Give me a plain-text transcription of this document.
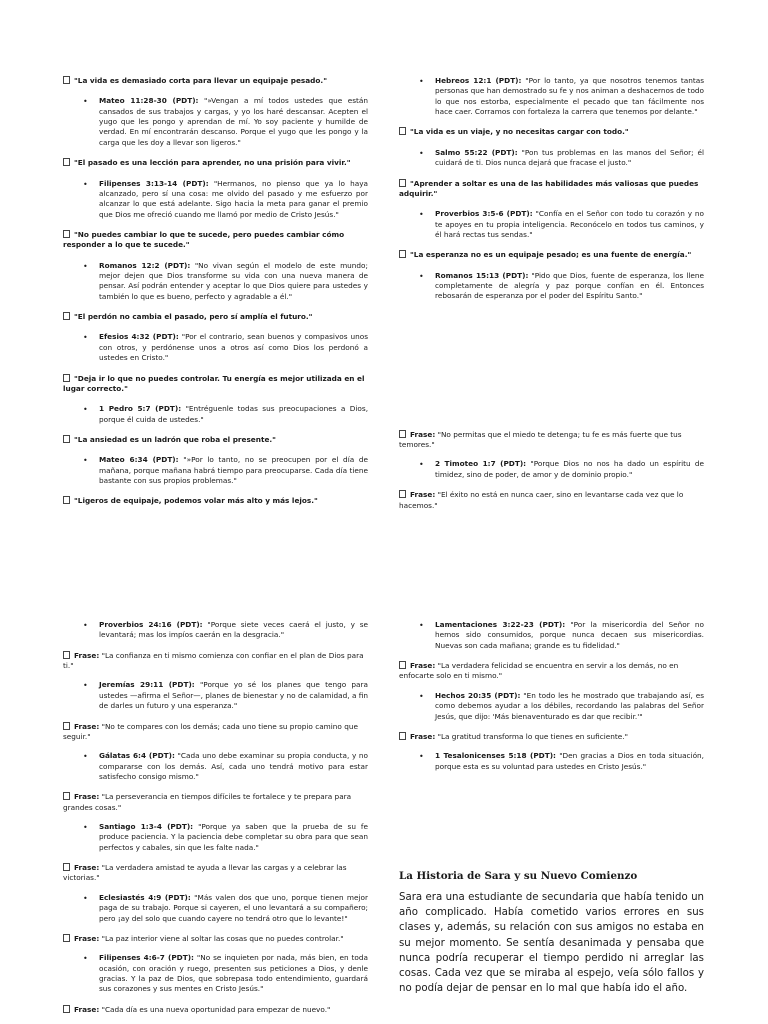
"La vida es demasiado corta para llevar un equipaje pesado."
• Mateo 11:28-30 (PDT): "»Vengan a mí todos ustedes que están cansados de sus trabajos y cargas, y yo los haré descansar. Acepten el yugo que les pongo y aprendan de mí. Yo soy paciente y humilde de verdad. En mí encontrarán descanso. Porque el yugo que les pongo y la carga que les doy a llevar son ligeros."
"El pasado es una lección para aprender, no una prisión para vivir."
• Filipenses 3:13-14 (PDT): "Hermanos, no pienso que ya lo haya alcanzado, pero sí una cosa: me olvido del pasado y me esfuerzo por alcanzar lo que está adelante. Sigo hacia la meta para ganar el premio que Dios me ofreció cuando me llamó por medio de Cristo Jesús."
"No puedes cambiar lo que te sucede, pero puedes cambiar cómo responder a lo que te sucede."
• Romanos 12:2 (PDT): "No vivan según el modelo de este mundo; mejor dejen que Dios transforme su vida con una nueva manera de pensar. Así podrán entender y aceptar lo que Dios quiere para ustedes y también lo que es bueno, perfecto y agradable a él."
"El perdón no cambia el pasado, pero sí amplía el futuro."
• Efesios 4:32 (PDT): "Por el contrario, sean buenos y compasivos unos con otros, y perdónense unos a otros así como Dios los perdonó a ustedes en Cristo."
"Deja ir lo que no puedes controlar. Tu energía es mejor utilizada en el lugar correcto."
• 1 Pedro 5:7 (PDT): "Entréguenle todas sus preocupaciones a Dios, porque él cuida de ustedes."
"La ansiedad es un ladrón que roba el presente."
• Mateo 6:34 (PDT): "»Por lo tanto, no se preocupen por el día de mañana, porque mañana habrá tiempo para preocuparse. Cada día tiene bastante con sus propios problemas."
"Ligeros de equipaje, podemos volar más alto y más lejos."
• Hebreos 12:1 (PDT): "Por lo tanto, ya que nosotros tenemos tantas personas que han demostrado su fe y nos animan a deshacernos de todo lo que nos estorba, especialmente el pecado que tan fácilmente nos hace caer. Corramos con fortaleza la carrera que tenemos por delante."
"La vida es un viaje, y no necesitas cargar con todo."
• Salmo 55:22 (PDT): "Pon tus problemas en las manos del Señor; él cuidará de ti. Dios nunca dejará que fracase el justo."
"Aprender a soltar es una de las habilidades más valiosas que puedes adquirir."
• Proverbios 3:5-6 (PDT): "Confía en el Señor con todo tu corazón y no te apoyes en tu propia inteligencia. Reconócelo en todos tus caminos, y él hará rectas tus sendas."
"La esperanza no es un equipaje pesado; es una fuente de energía."
• Romanos 15:13 (PDT): "Pido que Dios, fuente de esperanza, los llene completamente de alegría y paz porque confían en él. Entonces rebosarán de esperanza por el poder del Espíritu Santo."
Frase: "No permitas que el miedo te detenga; tu fe es más fuerte que tus temores."
• 2 Timoteo 1:7 (PDT): "Porque Dios no nos ha dado un espíritu de timidez, sino de poder, de amor y de dominio propio."
Frase: "El éxito no está en nunca caer, sino en levantarse cada vez que lo hacemos."
• Proverbios 24:16 (PDT): "Porque siete veces caerá el justo, y se levantará; mas los impíos caerán en la desgracia."
Frase: "La confianza en ti mismo comienza con confiar en el plan de Dios para ti."
• Jeremías 29:11 (PDT): "Porque yo sé los planes que tengo para ustedes —afirma el Señor—, planes de bienestar y no de calamidad, a fin de darles un futuro y una esperanza."
Frase: "No te compares con los demás; cada uno tiene su propio camino que seguir."
• Gálatas 6:4 (PDT): "Cada uno debe examinar su propia conducta, y no compararse con los demás. Así, cada uno tendrá motivo para estar satisfecho consigo mismo."
Frase: "La perseverancia en tiempos difíciles te fortalece y te prepara para grandes cosas."
• Santiago 1:3-4 (PDT): "Porque ya saben que la prueba de su fe produce paciencia. Y la paciencia debe completar su obra para que sean perfectos y cabales, sin que les falte nada."
Frase: "La verdadera amistad te ayuda a llevar las cargas y a celebrar las victorias."
• Eclesiastés 4:9 (PDT): "Más valen dos que uno, porque tienen mejor paga de su trabajo. Porque si cayeren, el uno levantará a su compañero; pero ¡ay del solo que cuando cayere no tendrá otro que lo levante!"
Frase: "La paz interior viene al soltar las cosas que no puedes controlar."
• Filipenses 4:6-7 (PDT): "No se inquieten por nada, más bien, en toda ocasión, con oración y ruego, presenten sus peticiones a Dios, y denle gracias. Y la paz de Dios, que sobrepasa todo entendimiento, guardará sus corazones y sus mentes en Cristo Jesús."
Frase: "Cada día es una nueva oportunidad para empezar de nuevo."
• Lamentaciones 3:22-23 (PDT): "Por la misericordia del Señor no hemos sido consumidos, porque nunca decaen sus misericordias. Nuevas son cada mañana; grande es tu fidelidad."
Frase: "La verdadera felicidad se encuentra en servir a los demás, no en enfocarte solo en ti mismo."
• Hechos 20:35 (PDT): "En todo les he mostrado que trabajando así, es como debemos ayudar a los débiles, recordando las palabras del Señor Jesús, que dijo: 'Más bienaventurado es dar que recibir.'"
Frase: "La gratitud transforma lo que tienes en suficiente."
• 1 Tesalonicenses 5:18 (PDT): "Den gracias a Dios en toda situación, porque esta es su voluntad para ustedes en Cristo Jesús."
La Historia de Sara y su Nuevo Comienzo

Sara era una estudiante de secundaria que había tenido un año complicado. Había cometido varios errores en sus clases y, además, su relación con sus amigos no estaba en su mejor momento. Se sentía desanimada y pensaba que nunca podría recuperar el tiempo perdido ni arreglar las cosas. Cada vez que se miraba al espejo, veía sólo fallos y no podía dejar de pensar en lo mal que había ido el año.
